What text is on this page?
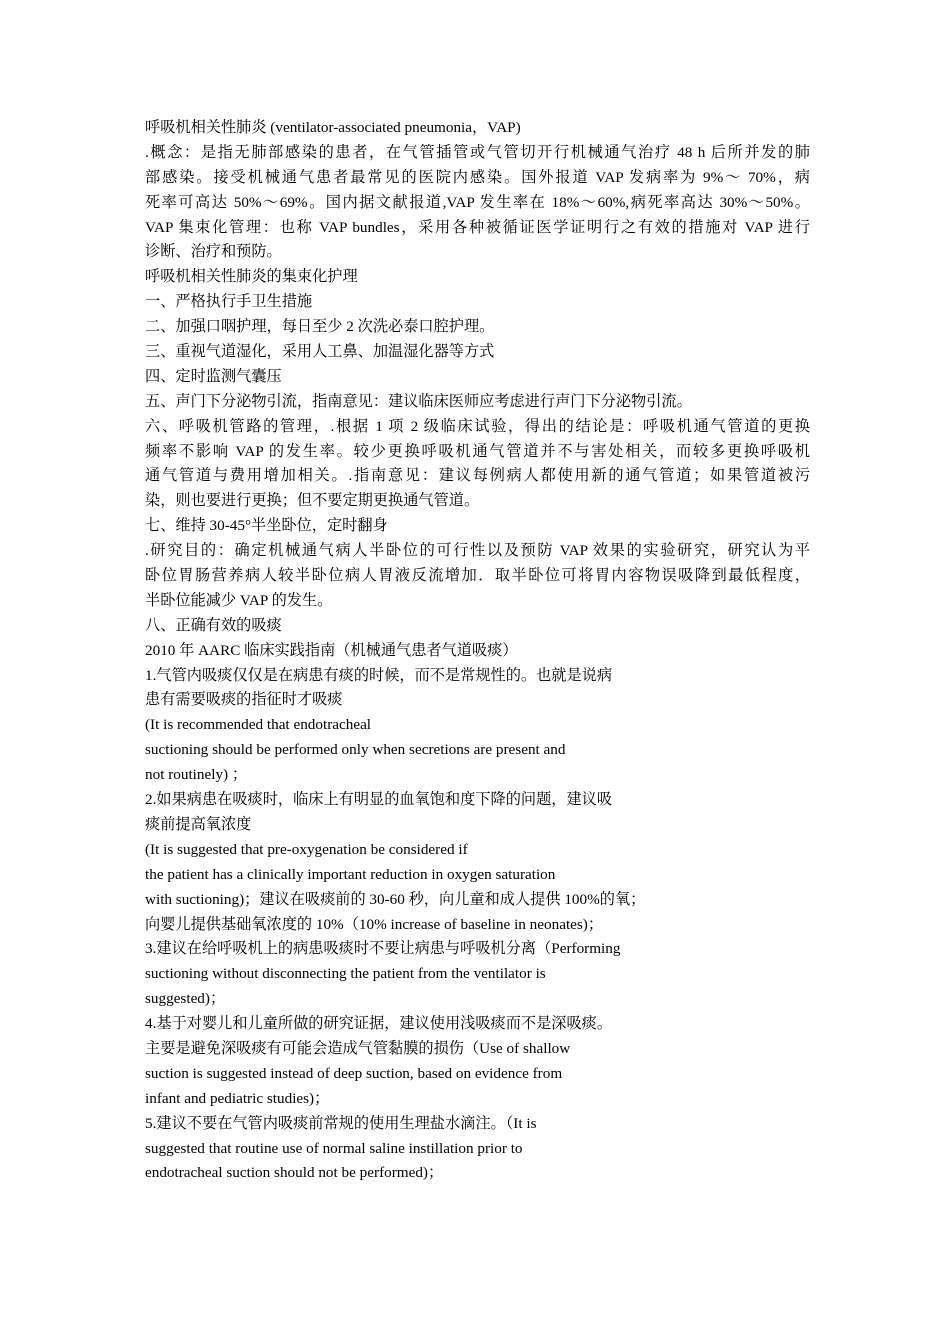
呼吸机相关性肺炎 (ventilator-associated pneumonia，VAP)
.概念：是指无肺部感染的患者，在气管插管或气管切开行机械通气治疗 48 h 后所并发的肺
部感染。接受机械通气患者最常见的医院内感染。国外报道 VAP 发病率为 9%～ 70%，病
死率可高达 50%～69%。国内据文献报道,VAP 发生率在 18%～60%,病死率高达 30%～50%。
VAP 集束化管理：也称 VAP bundles，采用各种被循证医学证明行之有效的措施对 VAP 进行
诊断、治疗和预防。
呼吸机相关性肺炎的集束化护理
一、严格执行手卫生措施
二、加强口咽护理，每日至少 2 次洗必泰口腔护理。
三、重视气道湿化，采用人工鼻、加温湿化器等方式
四、定时监测气囊压
五、声门下分泌物引流，指南意见：建议临床医师应考虑进行声门下分泌物引流。
六、呼吸机管路的管理，.根据 1 项 2 级临床试验，得出的结论是：呼吸机通气管道的更换
频率不影响 VAP 的发生率。较少更换呼吸机通气管道并不与害处相关，而较多更换呼吸机
通气管道与费用增加相关。.指南意见：建议每例病人都使用新的通气管道；如果管道被污
染，则也要进行更换；但不要定期更换通气管道。
七、维持 30-45°半坐卧位，定时翻身
.研究目的：确定机械通气病人半卧位的可行性以及预防 VAP 效果的实验研究，研究认为平
卧位胃肠营养病人较半卧位病人胃液反流增加．取半卧位可将胃内容物误吸降到最低程度，
半卧位能减少 VAP 的发生。
八、正确有效的吸痰
2010 年 AARC 临床实践指南（机械通气患者气道吸痰）
1.气管内吸痰仅仅是在病患有痰的时候，而不是常规性的。也就是说病
患有需要吸痰的指征时才吸痰
(It is recommended that endotracheal
suctioning should be performed only when secretions are present and
not routinely) ；
2.如果病患在吸痰时，临床上有明显的血氧饱和度下降的问题，建议吸
痰前提高氧浓度
(It is suggested that pre-oxygenation be considered if
the patient has a clinically important reduction in oxygen saturation
with suctioning)；建议在吸痰前的 30-60 秒，向儿童和成人提供 100%的氧；
向婴儿提供基础氧浓度的 10%（10% increase of baseline in neonates)；
3.建议在给呼吸机上的病患吸痰时不要让病患与呼吸机分离（Performing
suctioning without disconnecting the patient from the ventilator is
suggested)；
4.基于对婴儿和儿童所做的研究证据，建议使用浅吸痰而不是深吸痰。
主要是避免深吸痰有可能会造成气管黏膜的损伤（Use of shallow
suction is suggested instead of deep suction, based on evidence from
infant and pediatric studies)；
5.建议不要在气管内吸痰前常规的使用生理盐水滴注。（It is
suggested that routine use of normal saline instillation prior to
endotracheal suction should not be performed)；
